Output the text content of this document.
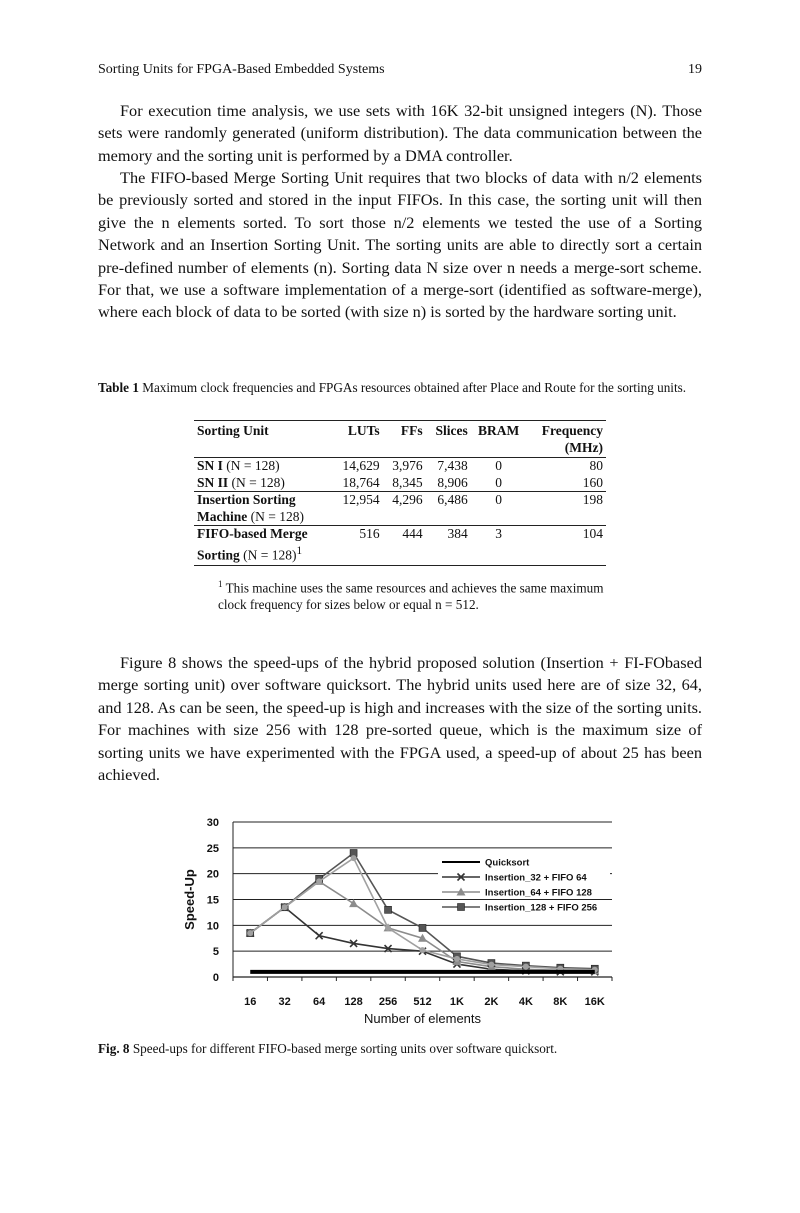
Sorting Units for FPGA-Based Embedded Systems	19

For execution time analysis, we use sets with 16K 32-bit unsigned integers (N). Those sets were randomly generated (uniform distribution). The data communication between the memory and the sorting unit is performed by a DMA controller.

The FIFO-based Merge Sorting Unit requires that two blocks of data with n/2 elements be previously sorted and stored in the input FIFOs. In this case, the sorting unit will then give the n elements sorted. To sort those n/2 elements we tested the use of a Sorting Network and an Insertion Sorting Unit. The sorting units are able to directly sort a certain pre-defined number of elements (n). Sorting data N size over n needs a merge-sort scheme. For that, we use a software implementation of a merge-sort (identified as software-merge), where each block of data to be sorted (with size n) is sorted by the hardware sorting unit.

Table 1 Maximum clock frequencies and FPGAs resources obtained after Place and Route for the sorting units.
Sorting Unit	LUTs	FFs	Slices	BRAM	Frequency
					(MHz)
SN I (N = 128)	14,629	3,976	7,438	0	80
SN II (N = 128)	18,764	8,345	8,906	0	160
Insertion Sorting
Machine (N = 128)	12,954	4,296	6,486	0	198
FIFO-based Merge
Sorting (N = 128)$^1$	516	444	384	3	104
$^1$ This machine uses the same resources and achieves the same maximum clock frequency for sizes below or equal n = 512.

Figure 8 shows the speed-ups of the hybrid proposed solution (Insertion + FI-FObased merge sorting unit) over software quicksort. The hybrid units used here are of size 32, 64, and 128. As can be seen, the speed-up is high and increases with the size of the sorting units. For machines with size 256 with 128 pre-sorted queue, which is the maximum size of sorting units we have experimented with the FPGA used, a speed-up of about 25 has been achieved.

0
5
10
15
20
25
30
16 32 64 128 256 512 1K 2K 4K 8K 16K
Number of elements
Speed-Up
Quicksort
Insertion_32 + FIFO 64
Insertion_64 + FIFO 128
Insertion_128 + FIFO 256
Fig. 8 Speed-ups for different FIFO-based merge sorting units over software quicksort.
